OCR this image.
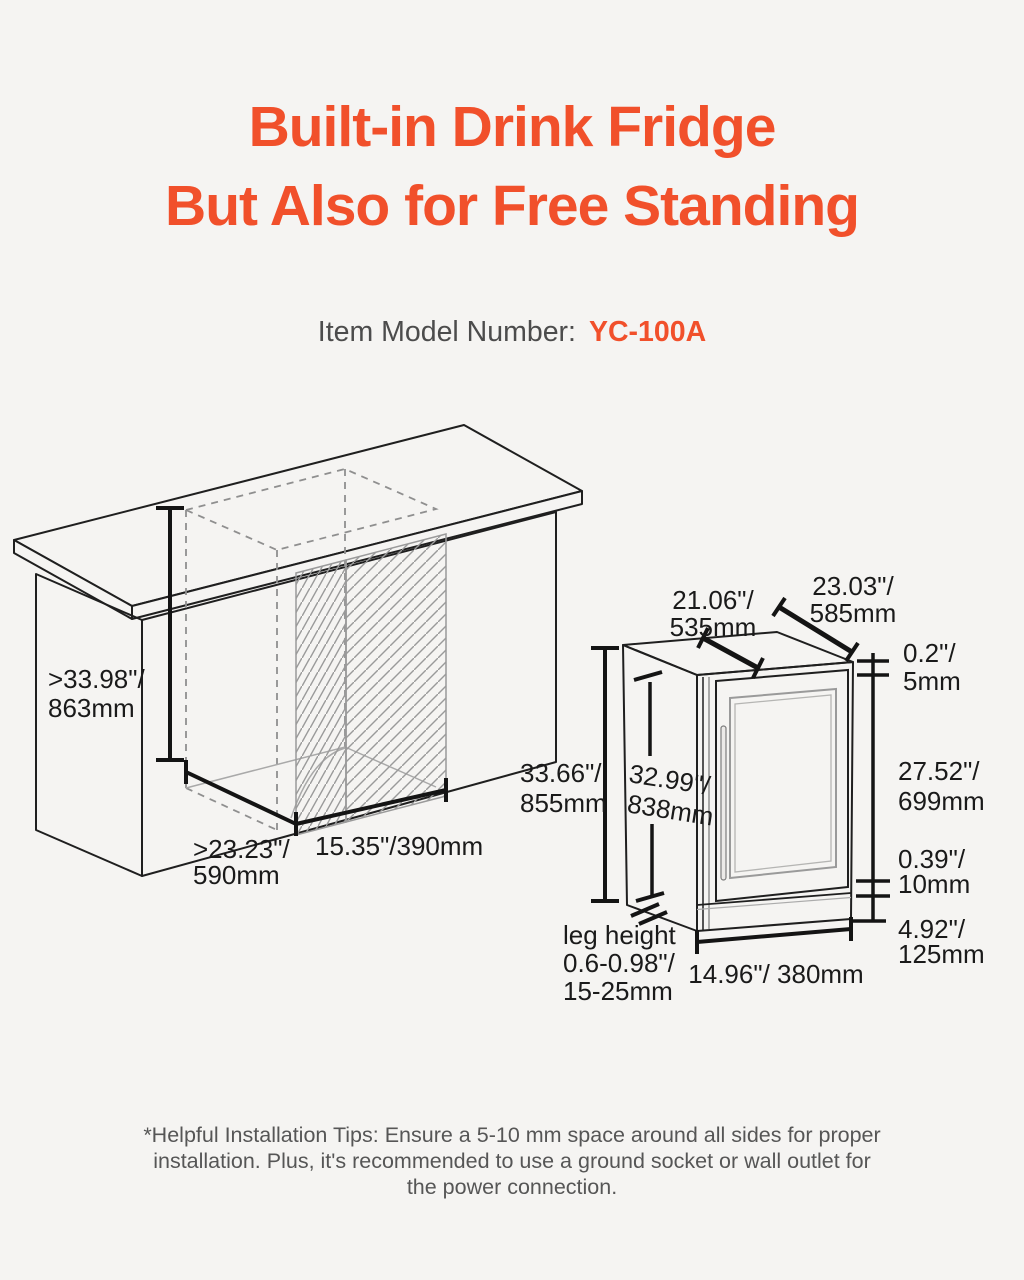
Built-in Drink Fridge
But Also for Free Standing
Item Model Number: YC-100A
>33.98"/
863mm
>23.23"/
590mm
15.35"/390mm
33.66"/
855mm
32.99"/
838mm
leg height
0.6-0.98"/
15-25mm
21.06"/
535mm
23.03"/
585mm
0.2"/
5mm
27.52"/
699mm
0.39"/
10mm
4.92"/
125mm
14.96"/ 380mm
*Helpful Installation Tips: Ensure a 5-10 mm space around all sides for proper
installation. Plus, it's recommended to use a ground socket or wall outlet for
the power connection.
